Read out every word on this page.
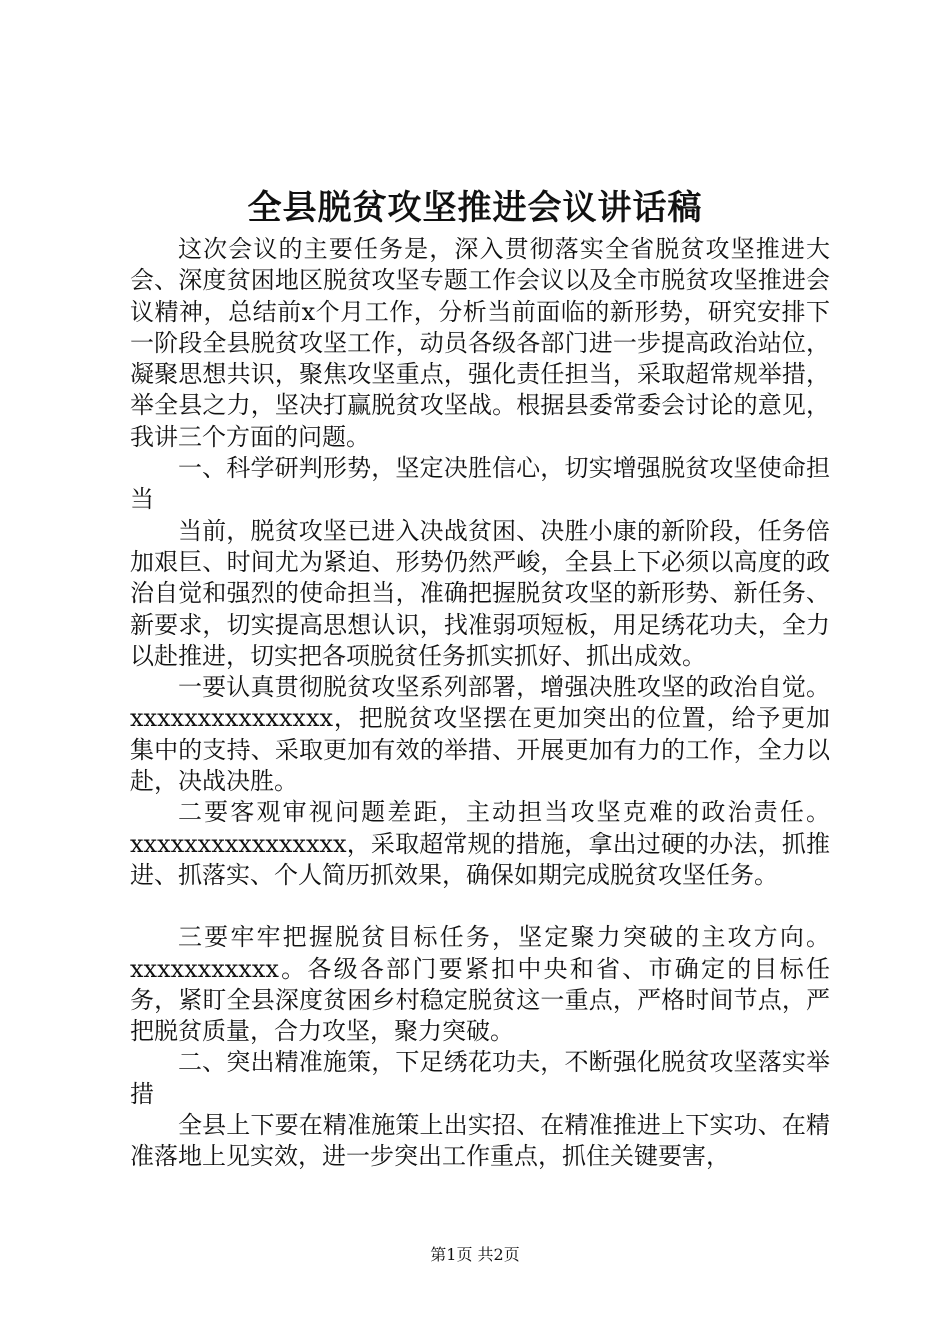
全县脱贫攻坚推进会议讲话稿

这次会议的主要任务是，深入贯彻落实全省脱贫攻坚推进大会、深度贫困地区脱贫攻坚专题工作会议以及全市脱贫攻坚推进会议精神，总结前x个月工作，分析当前面临的新形势，研究安排下一阶段全县脱贫攻坚工作，动员各级各部门进一步提高政治站位，凝聚思想共识，聚焦攻坚重点，强化责任担当，采取超常规举措，举全县之力，坚决打赢脱贫攻坚战。根据县委常委会讨论的意见，我讲三个方面的问题。

一、科学研判形势，坚定决胜信心，切实增强脱贫攻坚使命担当

当前，脱贫攻坚已进入决战贫困、决胜小康的新阶段，任务倍加艰巨、时间尤为紧迫、形势仍然严峻，全县上下必须以高度的政治自觉和强烈的使命担当，准确把握脱贫攻坚的新形势、新任务、新要求，切实提高思想认识，找准弱项短板，用足绣花功夫，全力以赴推进，切实把各项脱贫任务抓实抓好、抓出成效。

一要认真贯彻脱贫攻坚系列部署，增强决胜攻坚的政治自觉。xxxxxxxxxxxxxxx，把脱贫攻坚摆在更加突出的位置，给予更加集中的支持、采取更加有效的举措、开展更加有力的工作，全力以赴，决战决胜。

二要客观审视问题差距，主动担当攻坚克难的政治责任。xxxxxxxxxxxxxxxx，采取超常规的措施，拿出过硬的办法，抓推进、抓落实、个人简历抓效果，确保如期完成脱贫攻坚任务。

三要牢牢把握脱贫目标任务，坚定聚力突破的主攻方向。xxxxxxxxxxx。各级各部门要紧扣中央和省、市确定的目标任务，紧盯全县深度贫困乡村稳定脱贫这一重点，严格时间节点，严把脱贫质量，合力攻坚，聚力突破。

二、突出精准施策，下足绣花功夫，不断强化脱贫攻坚落实举措

全县上下要在精准施策上出实招、在精准推进上下实功、在精准落地上见实效，进一步突出工作重点，抓住关键要害，

第1页 共2页
